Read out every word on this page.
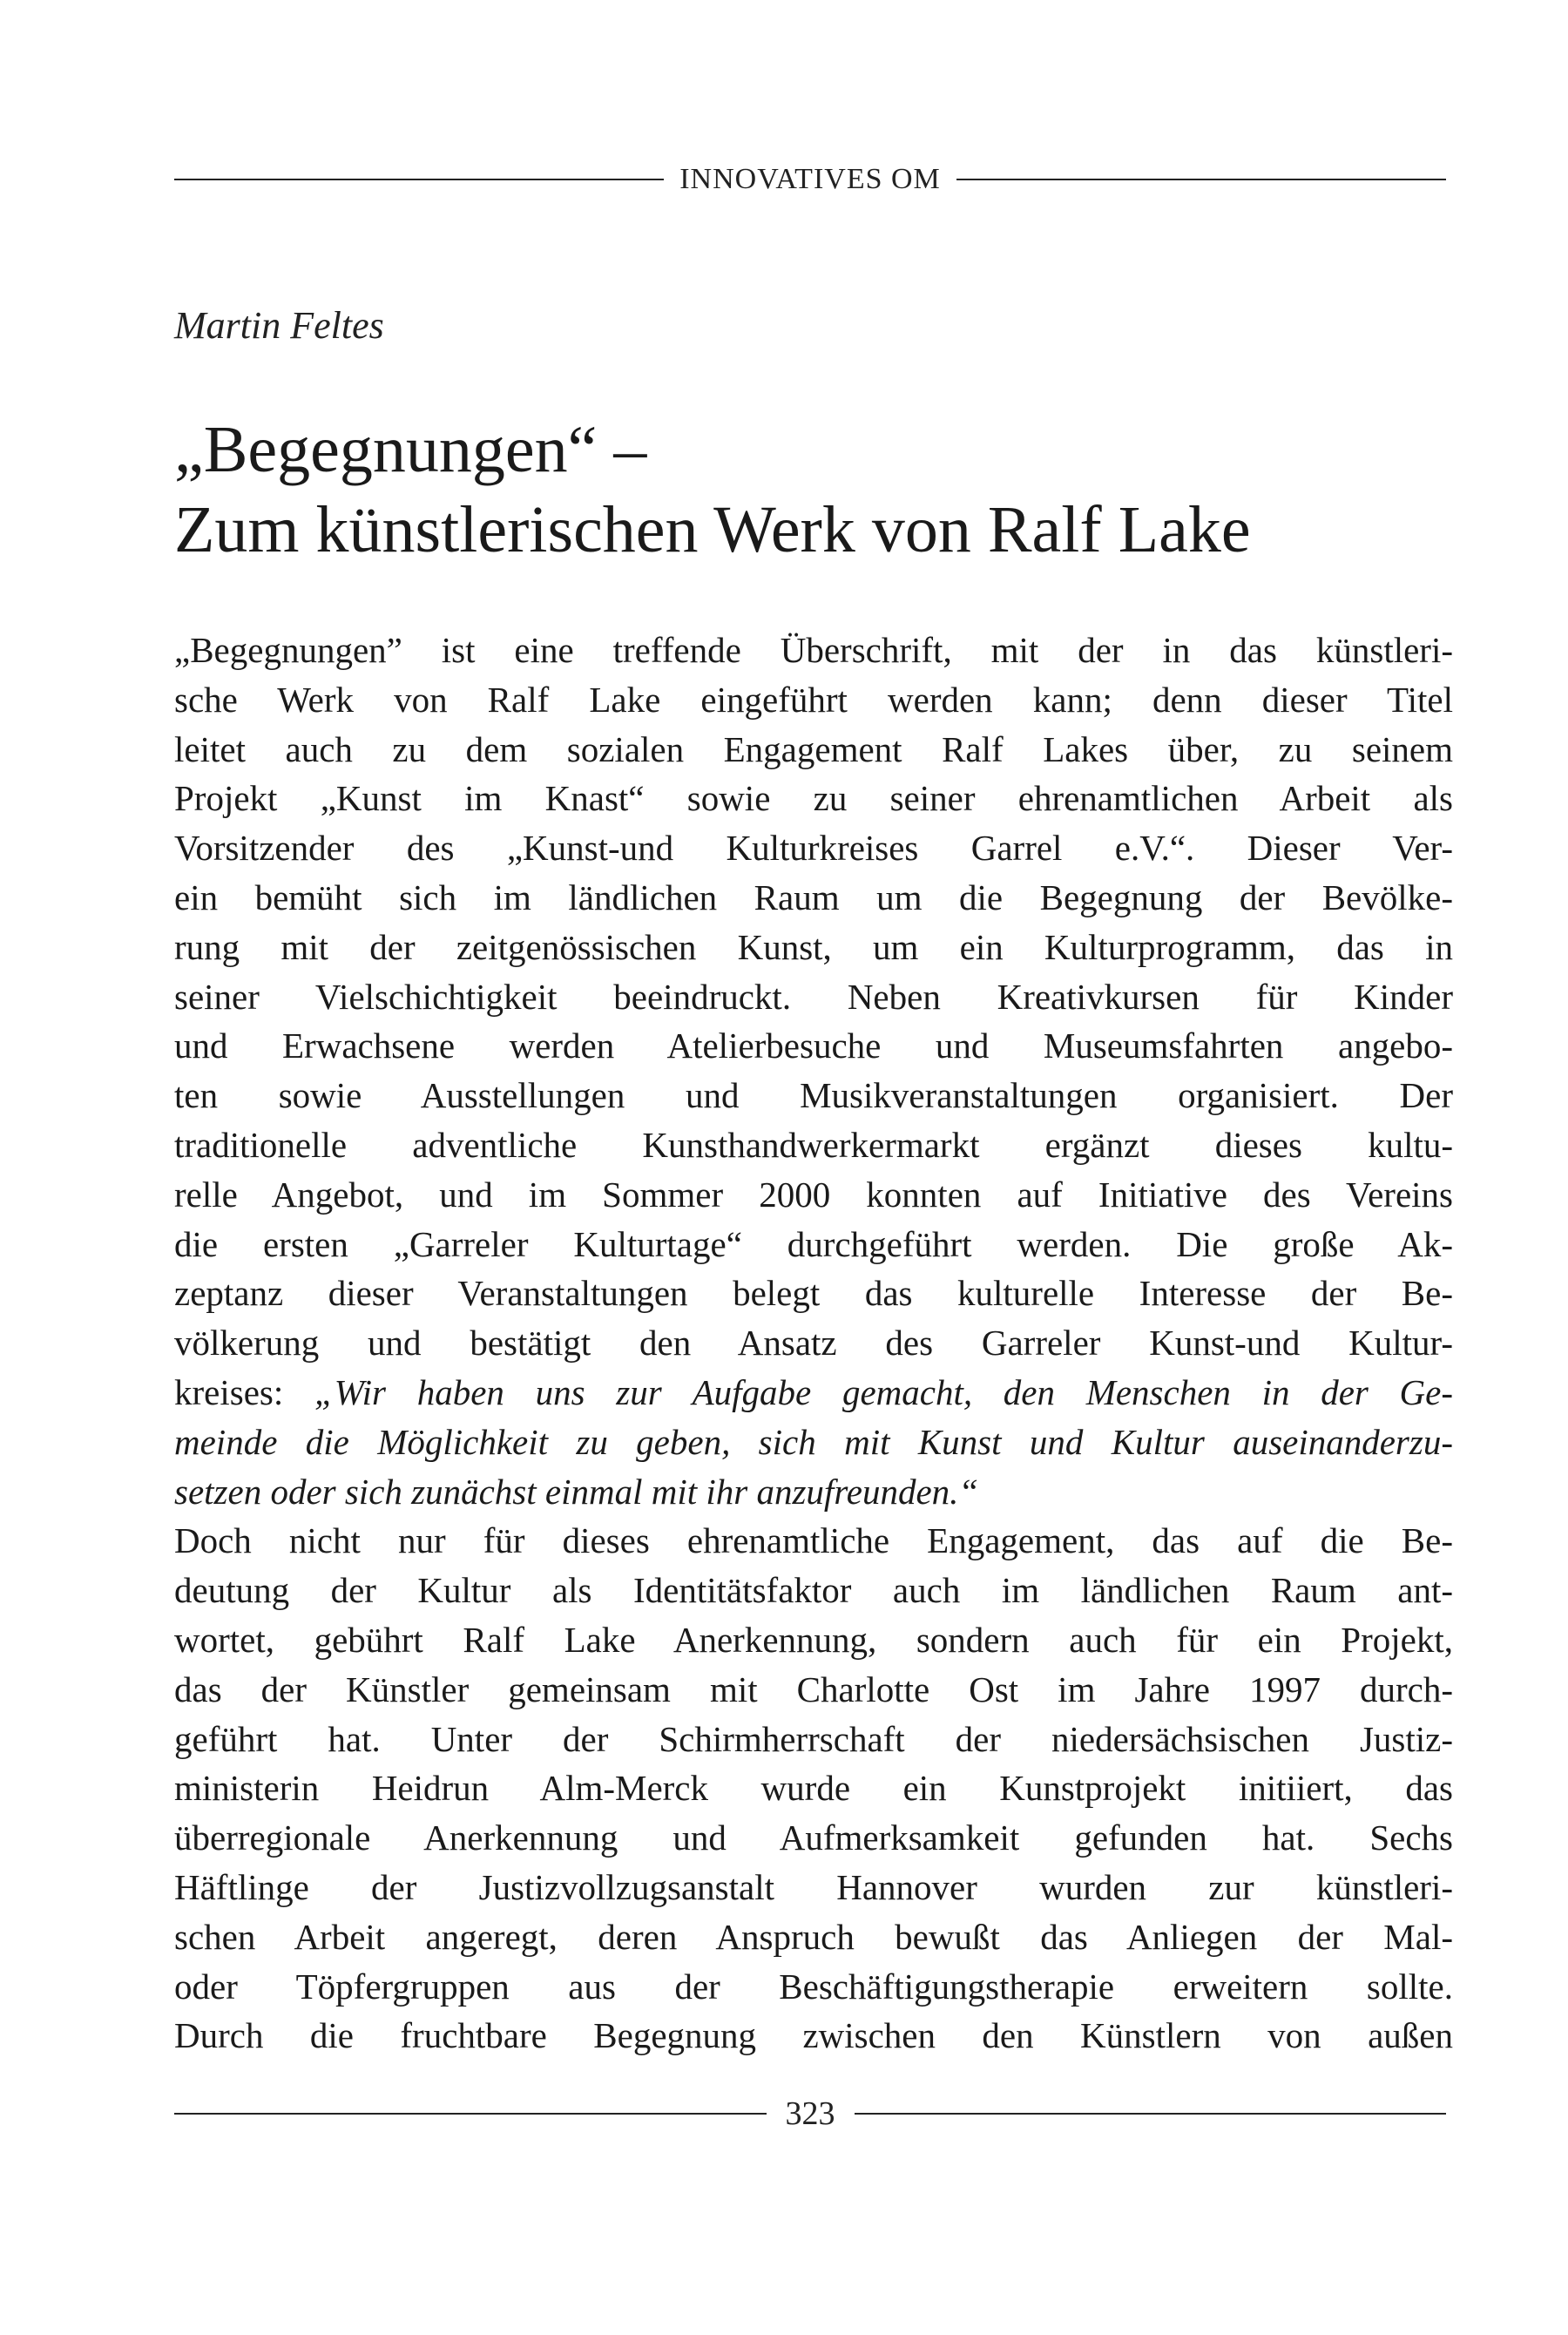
INNOVATIVES OM
Martin Feltes
„Begegnungen“ –
Zum künstlerischen Werk von Ralf Lake
„Begegnungen” ist eine treffende Überschrift, mit der in das künstleri-
sche Werk von Ralf Lake eingeführt werden kann; denn dieser Titel
leitet auch zu dem sozialen Engagement Ralf Lakes über, zu seinem
Projekt „Kunst im Knast“ sowie zu seiner ehrenamtlichen Arbeit als
Vorsitzender des „Kunst-und Kulturkreises Garrel e.V.“. Dieser Ver-
ein bemüht sich im ländlichen Raum um die Begegnung der Bevölke-
rung mit der zeitgenössischen Kunst, um ein Kulturprogramm, das in
seiner Vielschichtigkeit beeindruckt. Neben Kreativkursen für Kinder
und Erwachsene werden Atelierbesuche und Museumsfahrten angebo-
ten sowie Ausstellungen und Musikveranstaltungen organisiert. Der
traditionelle adventliche Kunsthandwerkermarkt ergänzt dieses kultu-
relle Angebot, und im Sommer 2000 konnten auf Initiative des Vereins
die ersten „Garreler Kulturtage“ durchgeführt werden. Die große Ak-
zeptanz dieser Veranstaltungen belegt das kulturelle Interesse der Be-
völkerung und bestätigt den Ansatz des Garreler Kunst-und Kultur-
kreises: „Wir haben uns zur Aufgabe gemacht, den Menschen in der Ge-
meinde die Möglichkeit zu geben, sich mit Kunst und Kultur auseinanderzu-
setzen oder sich zunächst einmal mit ihr anzufreunden.“
Doch nicht nur für dieses ehrenamtliche Engagement, das auf die Be-
deutung der Kultur als Identitätsfaktor auch im ländlichen Raum ant-
wortet, gebührt Ralf Lake Anerkennung, sondern auch für ein Projekt,
das der Künstler gemeinsam mit Charlotte Ost im Jahre 1997 durch-
geführt hat. Unter der Schirmherrschaft der niedersächsischen Justiz-
ministerin Heidrun Alm-Merck wurde ein Kunstprojekt initiiert, das
überregionale Anerkennung und Aufmerksamkeit gefunden hat. Sechs
Häftlinge der Justizvollzugsanstalt Hannover wurden zur künstleri-
schen Arbeit angeregt, deren Anspruch bewußt das Anliegen der Mal-
oder Töpfergruppen aus der Beschäftigungstherapie erweitern sollte.
Durch die fruchtbare Begegnung zwischen den Künstlern von außen
323
